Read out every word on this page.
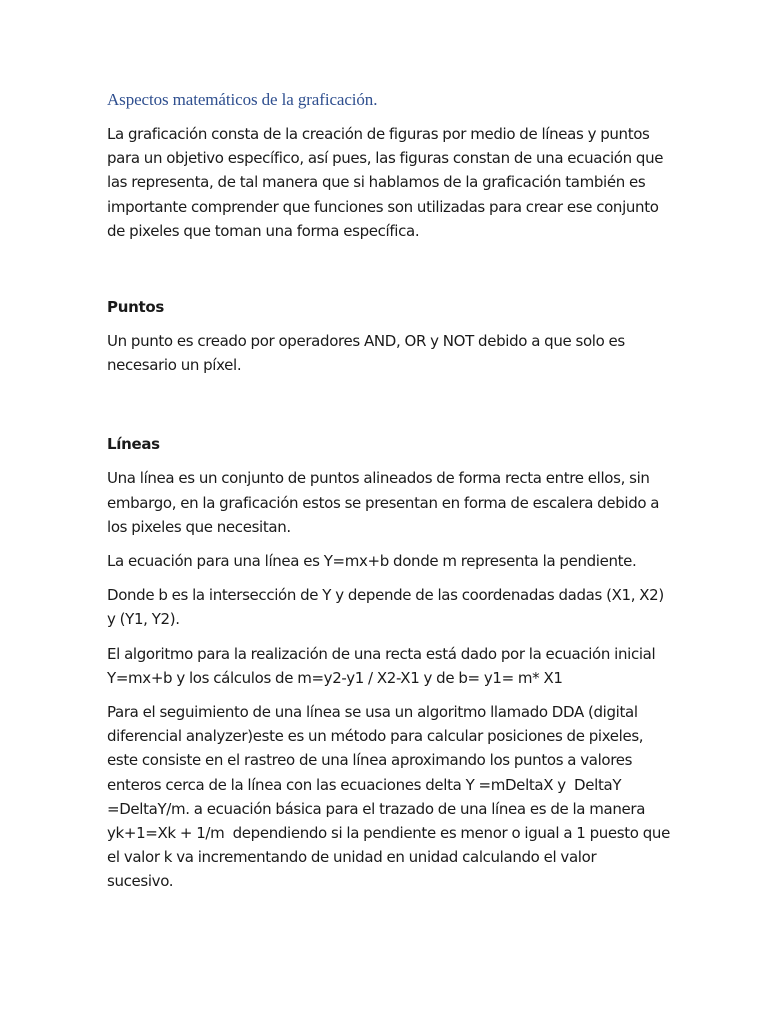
Aspectos matemáticos de la graficación.
La graficación consta de la creación de figuras por medio de líneas y puntos
para un objetivo específico, así pues, las figuras constan de una ecuación que
las representa, de tal manera que si hablamos de la graficación también es
importante comprender que funciones son utilizadas para crear ese conjunto
de pixeles que toman una forma específica.
Puntos
Un punto es creado por operadores AND, OR y NOT debido a que solo es
necesario un píxel.
Líneas
Una línea es un conjunto de puntos alineados de forma recta entre ellos, sin
embargo, en la graficación estos se presentan en forma de escalera debido a
los pixeles que necesitan.
La ecuación para una línea es Y=mx+b donde m representa la pendiente.
Donde b es la intersección de Y y depende de las coordenadas dadas (X1, X2)
y (Y1, Y2).
El algoritmo para la realización de una recta está dado por la ecuación inicial
Y=mx+b y los cálculos de m=y2-y1 / X2-X1 y de b= y1= m* X1
Para el seguimiento de una línea se usa un algoritmo llamado DDA (digital
diferencial analyzer)este es un método para calcular posiciones de pixeles,
este consiste en el rastreo de una línea aproximando los puntos a valores
enteros cerca de la línea con las ecuaciones delta Y =mDeltaX y  DeltaY
=DeltaY/m. a ecuación básica para el trazado de una línea es de la manera
yk+1=Xk + 1/m  dependiendo si la pendiente es menor o igual a 1 puesto que
el valor k va incrementando de unidad en unidad calculando el valor
sucesivo.
